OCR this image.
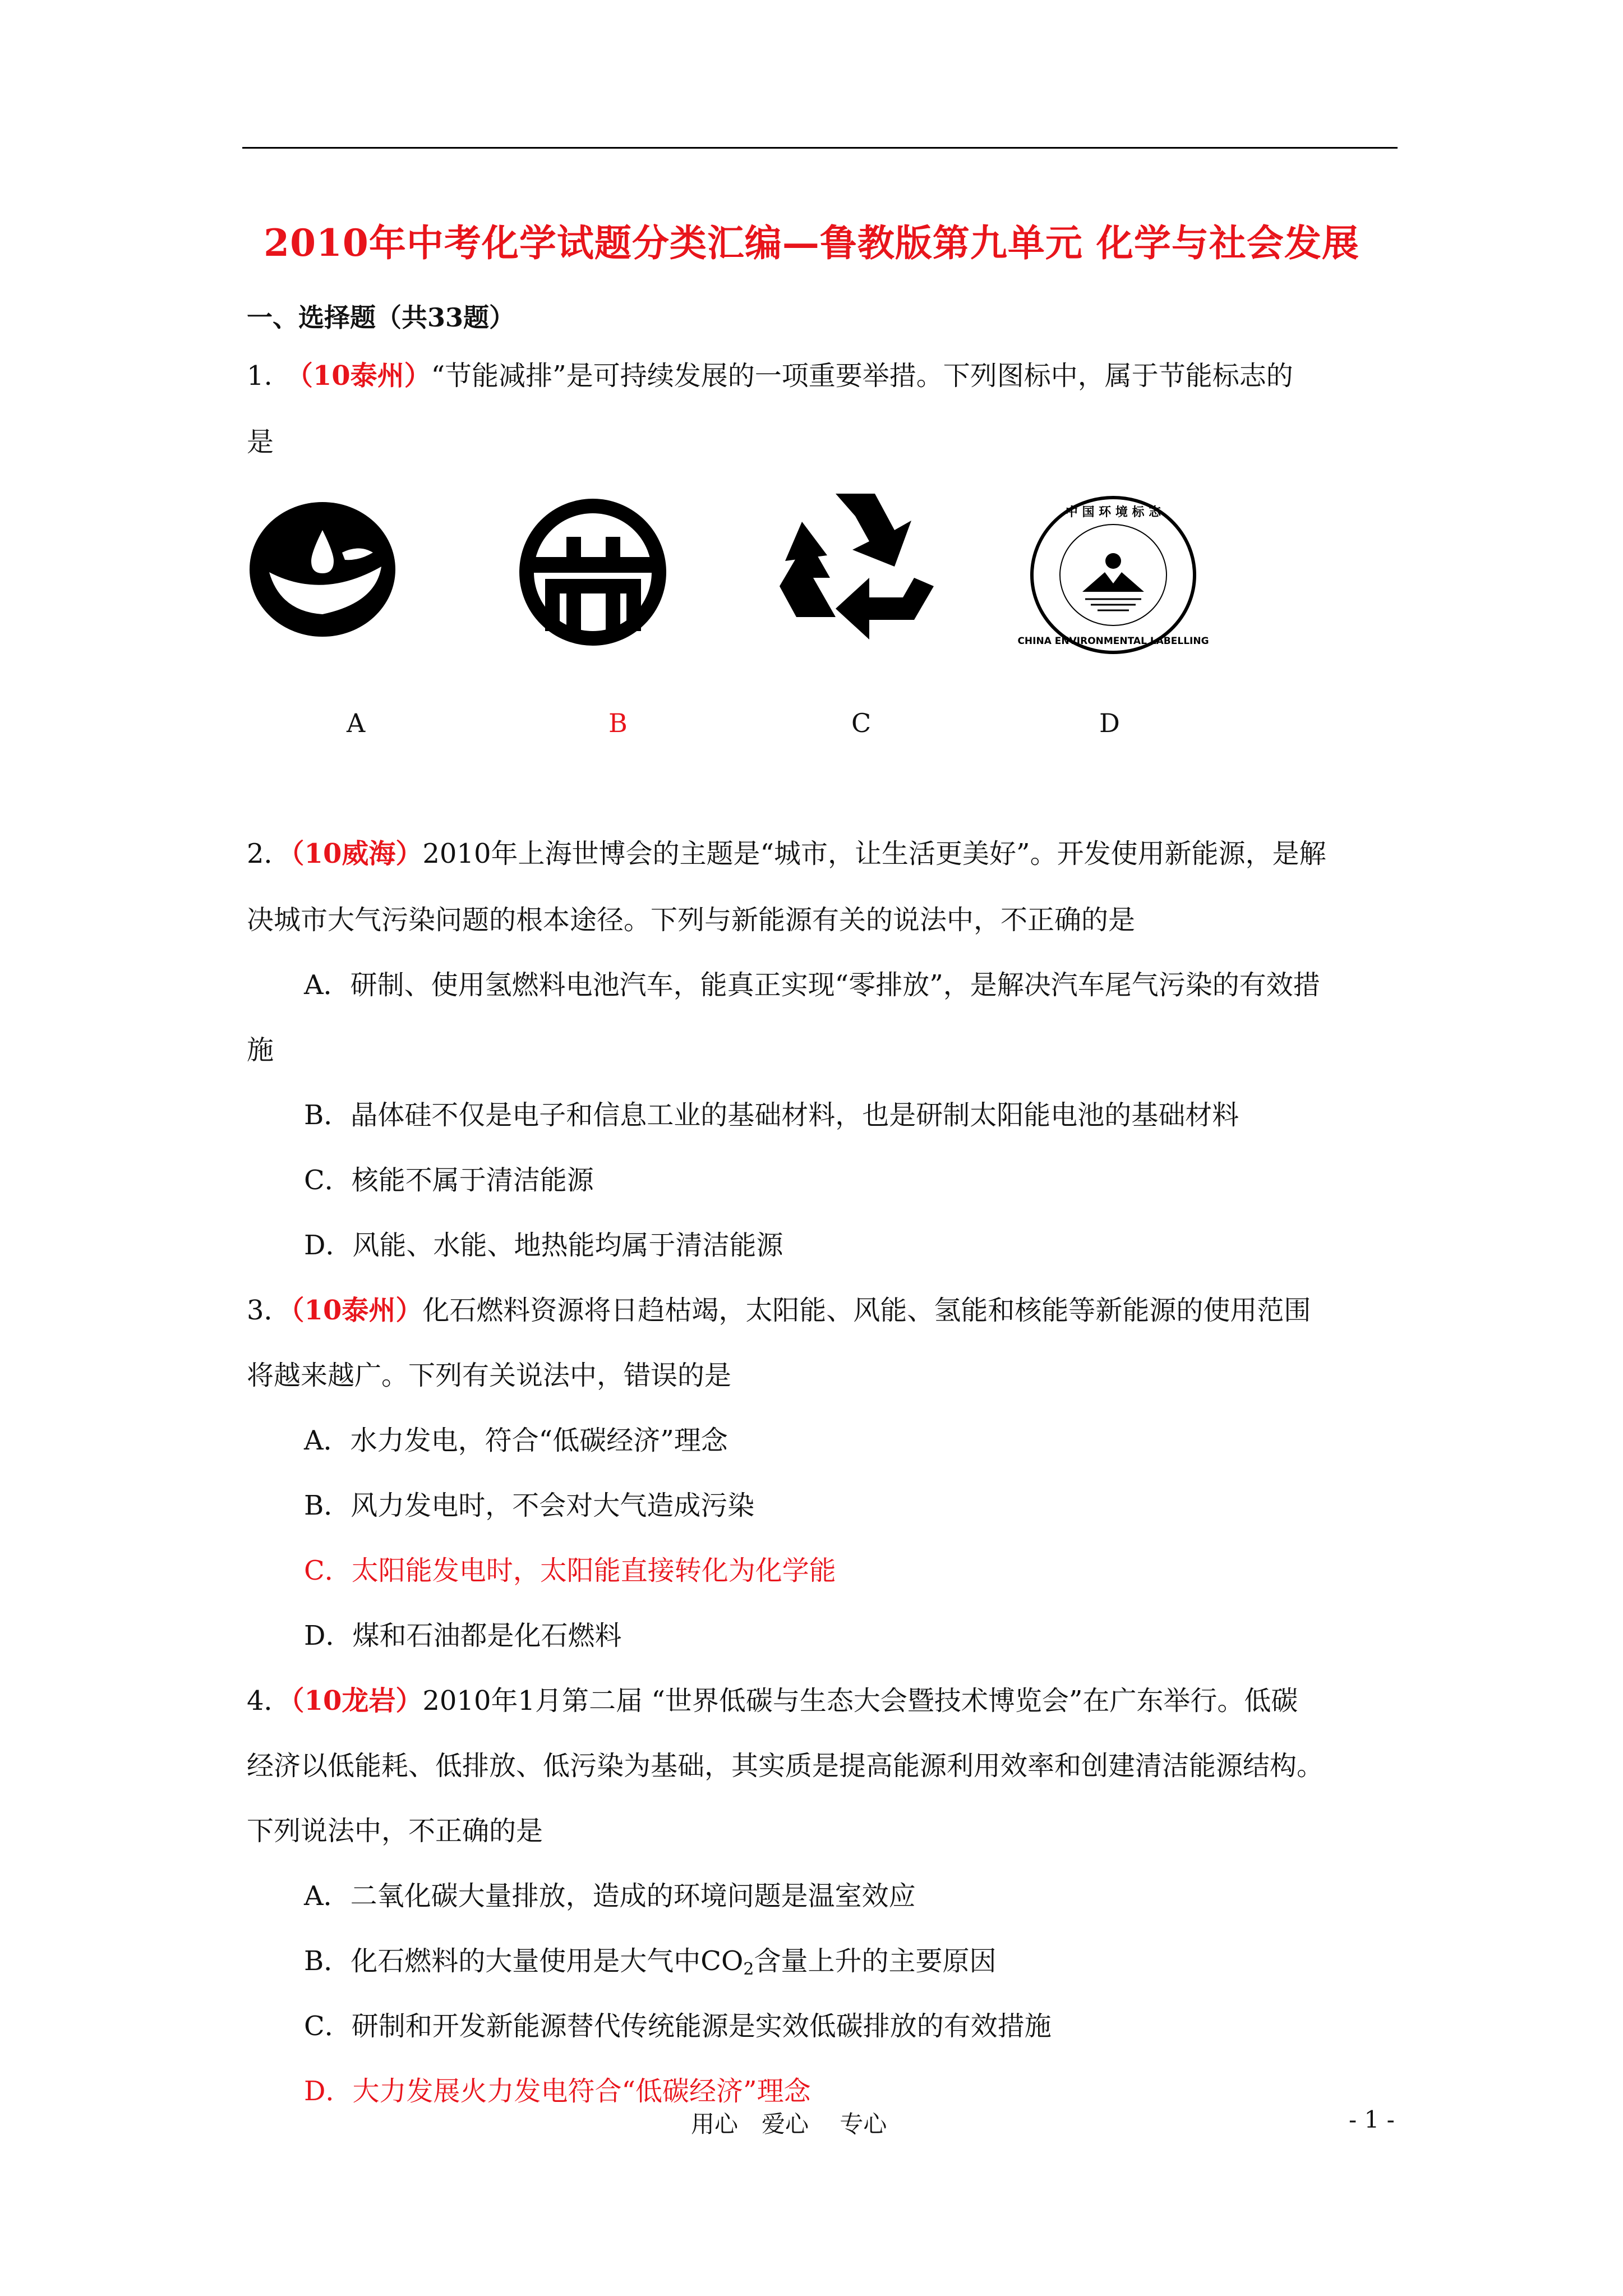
2010年中考化学试题分类汇编—鲁教版第九单元 化学与社会发展
一、选择题（共33题）
1.　（10泰州）“节能减排”是可持续发展的一项重要举措。下列图标中，属于节能标志的
是
中 国 环 境 标 志
CHINA ENVIRONMENTAL LABELLING
A	B	C	D
2．（10威海）2010年上海世博会的主题是“城市，让生活更美好”。开发使用新能源，是解
决城市大气污染问题的根本途径。下列与新能源有关的说法中，不正确的是
A．研制、使用氢燃料电池汽车，能真正实现“零排放”，是解决汽车尾气污染的有效措
施
B．晶体硅不仅是电子和信息工业的基础材料，也是研制太阳能电池的基础材料
C．核能不属于清洁能源
D．风能、水能、地热能均属于清洁能源
3．（10泰州）化石燃料资源将日趋枯竭，太阳能、风能、氢能和核能等新能源的使用范围
将越来越广。下列有关说法中，错误的是
A．水力发电，符合“低碳经济”理念
B．风力发电时，不会对大气造成污染
C．太阳能发电时，太阳能直接转化为化学能
D．煤和石油都是化石燃料
4．（10龙岩）2010年1月第二届 “世界低碳与生态大会暨技术博览会”在广东举行。低碳
经济以低能耗、低排放、低污染为基础，其实质是提高能源利用效率和创建清洁能源结构。
下列说法中，不正确的是
A．二氧化碳大量排放，造成的环境问题是温室效应
B．化石燃料的大量使用是大气中$CO_2$含量上升的主要原因
C．研制和开发新能源替代传统能源是实效低碳排放的有效措施
D．大力发展火力发电符合“低碳经济”理念
用心　爱心　 专心	- 1 -
